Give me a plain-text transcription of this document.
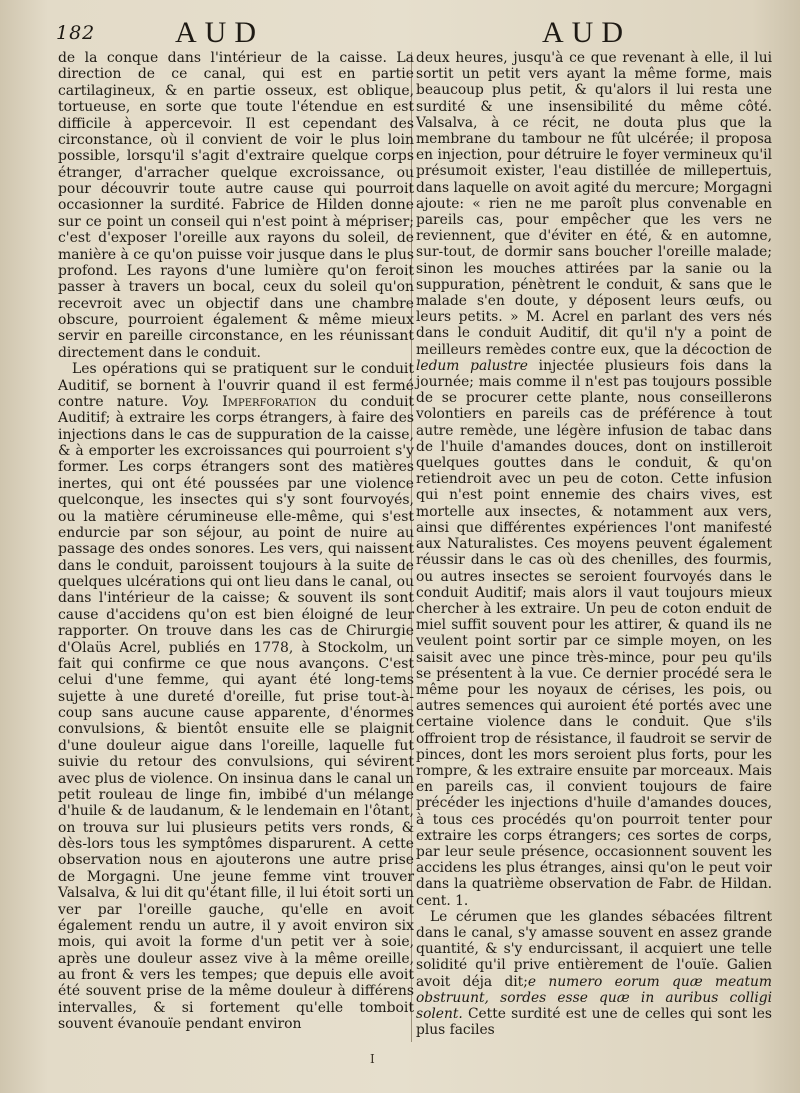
182	AUD	AUD

de la conque dans l'intérieur de la caisse. La direction de ce canal, qui est en partie cartilagineux, & en partie osseux, est oblique, tortueuse, en sorte que toute l'étendue en est difficile à appercevoir. Il est cependant des circonstance, où il convient de voir le plus loin possible, lorsqu'il s'agit d'extraire quelque corps étranger, d'arracher quelque excroissance, ou pour découvrir toute autre cause qui pourroit occasionner la surdité. Fabrice de Hilden donne sur ce point un conseil qui n'est point à mépriser; c'est d'exposer l'oreille aux rayons du soleil, de manière à ce qu'on puisse voir jusque dans le plus profond. Les rayons d'une lumière qu'on feroit passer à travers un bocal, ceux du soleil qu'on recevroit avec un objectif dans une chambre obscure, pourroient également & même mieux servir en pareille circonstance, en les réunissant directement dans le conduit.

Les opérations qui se pratiquent sur le conduit Auditif, se bornent à l'ouvrir quand il est fermé contre nature. Voy. Imperforation du conduit Auditif; à extraire les corps étrangers, à faire des injections dans le cas de suppuration de la caisse, & à emporter les excroissances qui pourroient s'y former. Les corps étrangers sont des matières inertes, qui ont été poussées par une violence quelconque, les insectes qui s'y sont fourvoyés, ou la matière cérumineuse elle-même, qui s'est endurcie par son séjour, au point de nuire au passage des ondes sonores. Les vers, qui naissent dans le conduit, paroissent toujours à la suite de quelques ulcérations qui ont lieu dans le canal, ou dans l'intérieur de la caisse; & souvent ils sont cause d'accidens qu'on est bien éloigné de leur rapporter. On trouve dans les cas de Chirurgie d'Olaüs Acrel, publiés en 1778, à Stockolm, un fait qui confirme ce que nous avançons. C'est celui d'une femme, qui ayant été long-tems sujette à une dureté d'oreille, fut prise tout-à-coup sans aucune cause apparente, d'énormes convulsions, & bientôt ensuite elle se plaignit d'une douleur aigue dans l'oreille, laquelle fut suivie du retour des convulsions, qui sévirent avec plus de violence. On insinua dans le canal un petit rouleau de linge fin, imbibé d'un mélange d'huile & de laudanum, & le lendemain en l'ôtant, on trouva sur lui plusieurs petits vers ronds, & dès-lors tous les symptômes disparurent. A cette observation nous en ajouterons une autre prise de Morgagni. Une jeune femme vint trouver Valsalva, & lui dit qu'étant fille, il lui étoit sorti un ver par l'oreille gauche, qu'elle en avoit également rendu un autre, il y avoit environ six mois, qui avoit la forme d'un petit ver à soie, après une douleur assez vive à la même oreille, au front & vers les tempes; que depuis elle avoit été souvent prise de la même douleur à différens intervalles, & si fortement qu'elle tomboit souvent évanouïe pendant environ

deux heures, jusqu'à ce que revenant à elle, il lui sortit un petit vers ayant la même forme, mais beaucoup plus petit, & qu'alors il lui resta une surdité & une insensibilité du même côté. Valsalva, à ce récit, ne douta plus que la membrane du tambour ne fût ulcérée; il proposa en injection, pour détruire le foyer vermineux qu'il présumoit exister, l'eau distillée de millepertuis, dans laquelle on avoit agité du mercure; Morgagni ajoute: « rien ne me paroît plus convenable en pareils cas, pour empêcher que les vers ne reviennent, que d'éviter en été, & en automne, sur-tout, de dormir sans boucher l'oreille malade; sinon les mouches attirées par la sanie ou la suppuration, pénètrent le conduit, & sans que le malade s'en doute, y déposent leurs œufs, ou leurs petits. » M. Acrel en parlant des vers nés dans le conduit Auditif, dit qu'il n'y a point de meilleurs remèdes contre eux, que la décoction de ledum palustre injectée plusieurs fois dans la journée; mais comme il n'est pas toujours possible de se procurer cette plante, nous conseillerons volontiers en pareils cas de préférence à tout autre remède, une légère infusion de tabac dans de l'huile d'amandes douces, dont on instilleroit quelques gouttes dans le conduit, & qu'on retiendroit avec un peu de coton. Cette infusion qui n'est point ennemie des chairs vives, est mortelle aux insectes, & notamment aux vers, ainsi que différentes expériences l'ont manifesté aux Naturalistes. Ces moyens peuvent également réussir dans le cas où des chenilles, des fourmis, ou autres insectes se seroient fourvoyés dans le conduit Auditif; mais alors il vaut toujours mieux chercher à les extraire. Un peu de coton enduit de miel suffit souvent pour les attirer, & quand ils ne veulent point sortir par ce simple moyen, on les saisit avec une pince très-mince, pour peu qu'ils se présentent à la vue. Ce dernier procédé sera le même pour les noyaux de cérises, les pois, ou autres semences qui auroient été portés avec une certaine violence dans le conduit. Que s'ils offroient trop de résistance, il faudroit se servir de pinces, dont les mors seroient plus forts, pour les rompre, & les extraire ensuite par morceaux. Mais en pareils cas, il convient toujours de faire précéder les injections d'huile d'amandes douces, à tous ces procédés qu'on pourroit tenter pour extraire les corps étrangers; ces sortes de corps, par leur seule présence, occasionnent souvent les accidens les plus étranges, ainsi qu'on le peut voir dans la quatrième observation de Fabr. de Hildan. cent. 1.

Le cérumen que les glandes sébacées filtrent dans le canal, s'y amasse souvent en assez grande quantité, & s'y endurcissant, il acquiert une telle solidité qu'il prive entièrement de l'ouïe. Galien avoit déja dit;e numero eorum quæ meatum obstruunt, sordes esse quæ in auribus colligi solent. Cette surdité est une de celles qui sont les plus faciles

I
